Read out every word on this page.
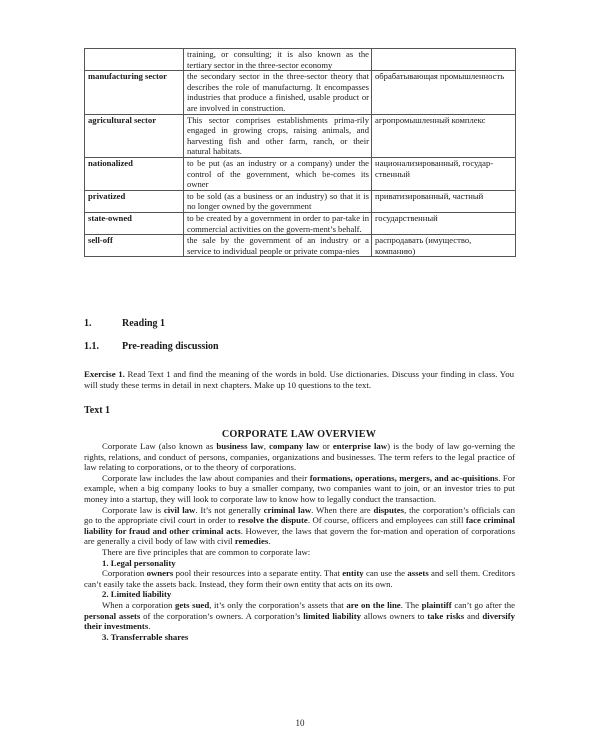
	training, or consulting; it is also known as the tertiary sector in the three-sector economy	
manufacturing sector	the secondary sector in the three-sector theory that describes the role of manufacturng. It encompasses industries that produce a finished, usable product or are involved in construction.	обрабатывающая промышленность
agricultural sector	This sector comprises establishments prima-rily engaged in growing crops, raising animals, and harvesting fish and other farm, ranch, or their natural habitats.	агропромышленный комплекс
nationalized	to be put (as an industry or a company) under the control of the government, which be-comes its owner	национализированный, государ-ственный
privatized	to be sold (as a business or an industry) so that it is no longer owned by the government	приватизированный, частный
state-owned	to be created by a government in order to par-take in commercial activities on the govern-ment’s behalf.	государственный
sell-off	the sale by the government of an industry or a service to individual people or private compa-nies	распродавать (имущество, компанию)
1.	Reading 1
1.1. Pre-reading discussion
Exercise 1. Read Text 1 and find the meaning of the words in bold. Use dictionaries. Discuss your finding in class. You will study these terms in detail in next chapters. Make up 10 questions to the text.
Text 1
CORPORATE LAW OVERVIEW

Corporate Law (also known as business law, company law or enterprise law) is the body of law go-verning the rights, relations, and conduct of persons, companies, organizations and businesses. The term refers to the legal practice of law relating to corporations, or to the theory of corporations.

Corporate law includes the law about companies and their formations, operations, mergers, and ac-quisitions. For example, when a big company looks to buy a smaller company, two companies want to join, or an investor tries to put money into a startup, they will look to corporate law to know how to legally conduct the transaction.

Corporate law is civil law. It’s not generally criminal law. When there are disputes, the corporation’s officials can go to the appropriate civil court in order to resolve the dispute. Of course, officers and employees can still face criminal liability for fraud and other criminal acts. However, the laws that govern the for-mation and operation of corporations are generally a civil body of law with civil remedies.

There are five principles that are common to corporate law:

1. Legal personality

Corporation owners pool their resources into a separate entity. That entity can use the assets and sell them. Creditors can’t easily take the assets back. Instead, they form their own entity that acts on its own.

2. Limited liability

When a corporation gets sued, it’s only the corporation’s assets that are on the line. The plaintiff can’t go after the personal assets of the corporation’s owners. A corporation’s limited liability allows owners to take risks and diversify their investments.

3. Transferrable shares

10
